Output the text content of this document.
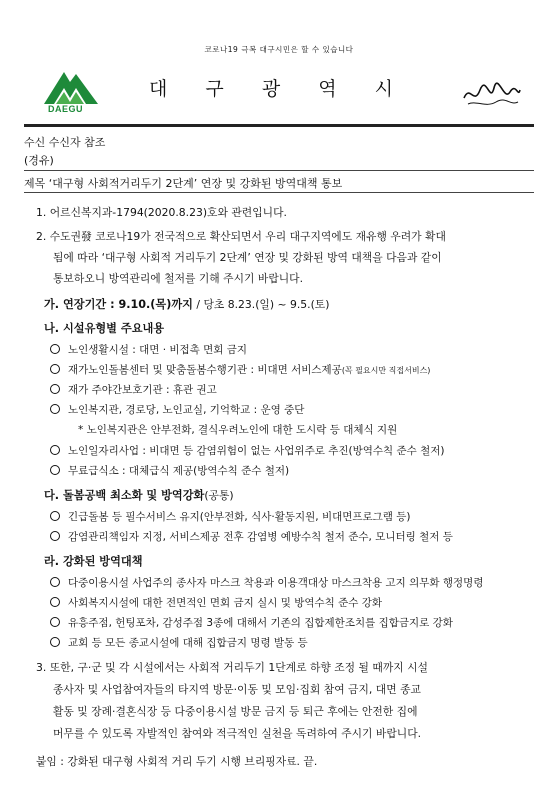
코로나19 극복 대구시민은 할 수 있습니다
DAEGU
대 구 광 역 시
수신 수신자 참조
(경유)
제목 ‘대구형 사회적거리두기 2단계’ 연장 및 강화된 방역대책 통보
1. 어르신복지과-1794(2020.8.23)호와 관련입니다.
2. 수도권發 코로나19가 전국적으로 확산되면서 우리 대구지역에도 재유행 우려가 확대
됨에 따라 ‘대구형 사회적 거리두기 2단계’ 연장 및 강화된 방역 대책을 다음과 같이
통보하오니 방역관리에 철저를 기해 주시기 바랍니다.
가. 연장기간 : 9.10.(목)까지 / 당초 8.23.(일) ~ 9.5.(토)
나. 시설유형별 주요내용
노인생활시설 : 대면 · 비접촉 면회 금지
재가노인돌봄센터 및 맞춤돌봄수행기관 : 비대면 서비스제공(꼭 필요시만 직접서비스)
재가 주야간보호기관 : 휴관 권고
노인복지관, 경로당, 노인교실, 기억학교 : 운영 중단
* 노인복지관은 안부전화, 결식우려노인에 대한 도시락 등 대체식 지원
노인일자리사업 : 비대면 등 감염위험이 없는 사업위주로 추진(방역수칙 준수 철저)
무료급식소 : 대체급식 제공(방역수칙 준수 철저)
다. 돌봄공백 최소화 및 방역강화(공통)
긴급돌봄 등 필수서비스 유지(안부전화, 식사·활동지원, 비대면프로그램 등)
감염관리책임자 지정, 서비스제공 전후 감염병 예방수칙 철저 준수, 모니터링 철저 등
라. 강화된 방역대책
다중이용시설 사업주의 종사자 마스크 착용과 이용객대상 마스크착용 고지 의무화 행정명령
사회복지시설에 대한 전면적인 면회 금지 실시 및 방역수칙 준수 강화
유흥주점, 헌팅포차, 감성주점 3종에 대해서 기존의 집합제한조치를 집합금지로 강화
교회 등 모든 종교시설에 대해 집합금지 명령 발동 등
3. 또한, 구·군 및 각 시설에서는 사회적 거리두기 1단계로 하향 조정 될 때까지 시설
종사자 및 사업참여자들의 타지역 방문·이동 및 모임·집회 참여 금지, 대면 종교
활동 및 장례·결혼식장 등 다중이용시설 방문 금지 등 퇴근 후에는 안전한 집에
머무를 수 있도록 자발적인 참여와 적극적인 실천을 독려하여 주시기 바랍니다.
붙임 : 강화된 대구형 사회적 거리 두기 시행 브리핑자료. 끝.
